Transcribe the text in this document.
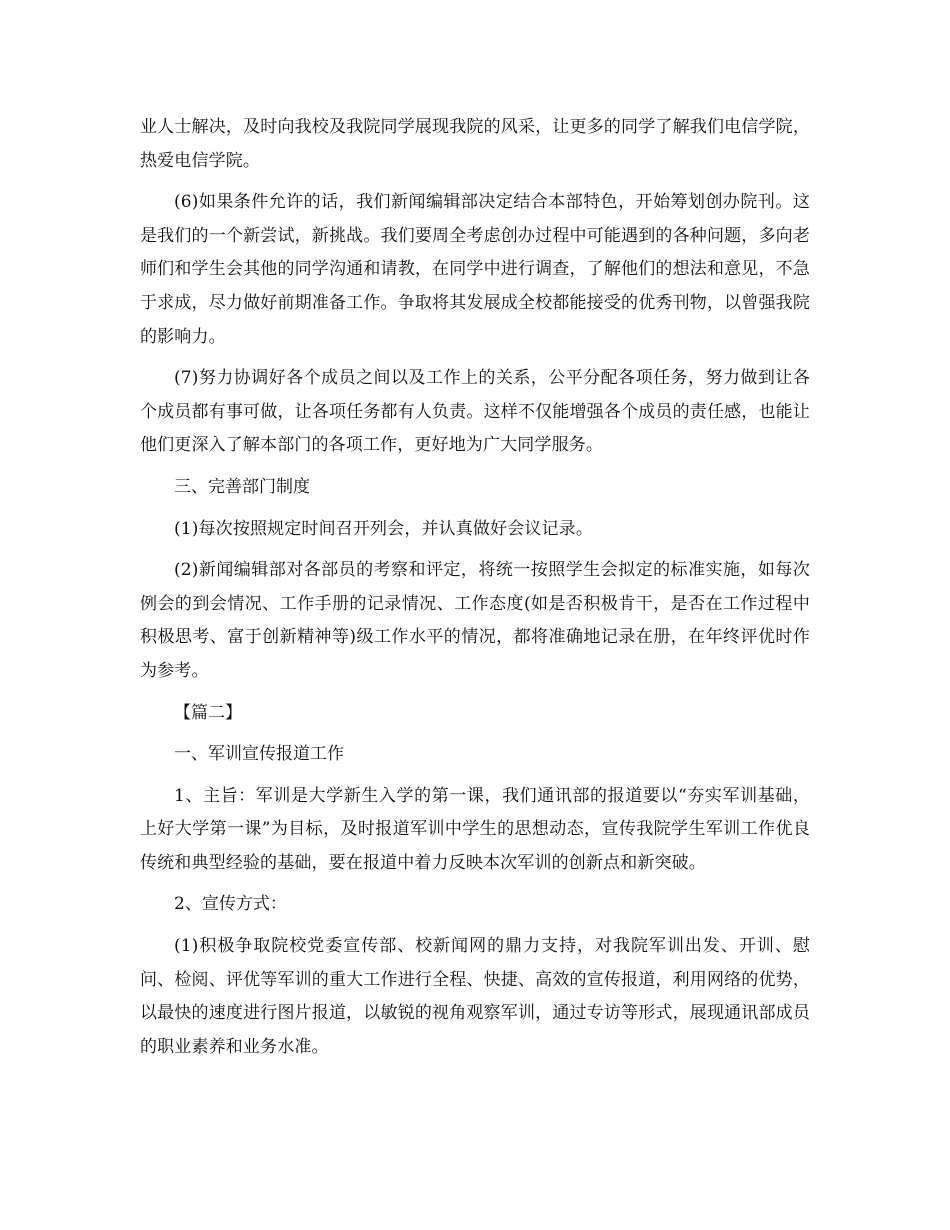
业人士解决，及时向我校及我院同学展现我院的风采，让更多的同学了解我们电信学院，热爱电信学院。

(6)如果条件允许的话，我们新闻编辑部决定结合本部特色，开始筹划创办院刊。这是我们的一个新尝试，新挑战。我们要周全考虑创办过程中可能遇到的各种问题，多向老师们和学生会其他的同学沟通和请教，在同学中进行调查，了解他们的想法和意见，不急于求成，尽力做好前期准备工作。争取将其发展成全校都能接受的优秀刊物，以曾强我院的影响力。

(7)努力协调好各个成员之间以及工作上的关系，公平分配各项任务，努力做到让各个成员都有事可做，让各项任务都有人负责。这样不仅能增强各个成员的责任感，也能让他们更深入了解本部门的各项工作，更好地为广大同学服务。

三、完善部门制度

(1)每次按照规定时间召开列会，并认真做好会议记录。

(2)新闻编辑部对各部员的考察和评定，将统一按照学生会拟定的标准实施，如每次例会的到会情况、工作手册的记录情况、工作态度(如是否积极肯干，是否在工作过程中积极思考、富于创新精神等)级工作水平的情况，都将准确地记录在册，在年终评优时作为参考。

【篇二】

一、军训宣传报道工作

1、主旨：军训是大学新生入学的第一课，我们通讯部的报道要以“夯实军训基础，上好大学第一课”为目标，及时报道军训中学生的思想动态，宣传我院学生军训工作优良传统和典型经验的基础，要在报道中着力反映本次军训的创新点和新突破。

2、宣传方式：

(1)积极争取院校党委宣传部、校新闻网的鼎力支持，对我院军训出发、开训、慰问、检阅、评优等军训的重大工作进行全程、快捷、高效的宣传报道，利用网络的优势，以最快的速度进行图片报道，以敏锐的视角观察军训，通过专访等形式，展现通讯部成员的职业素养和业务水准。
